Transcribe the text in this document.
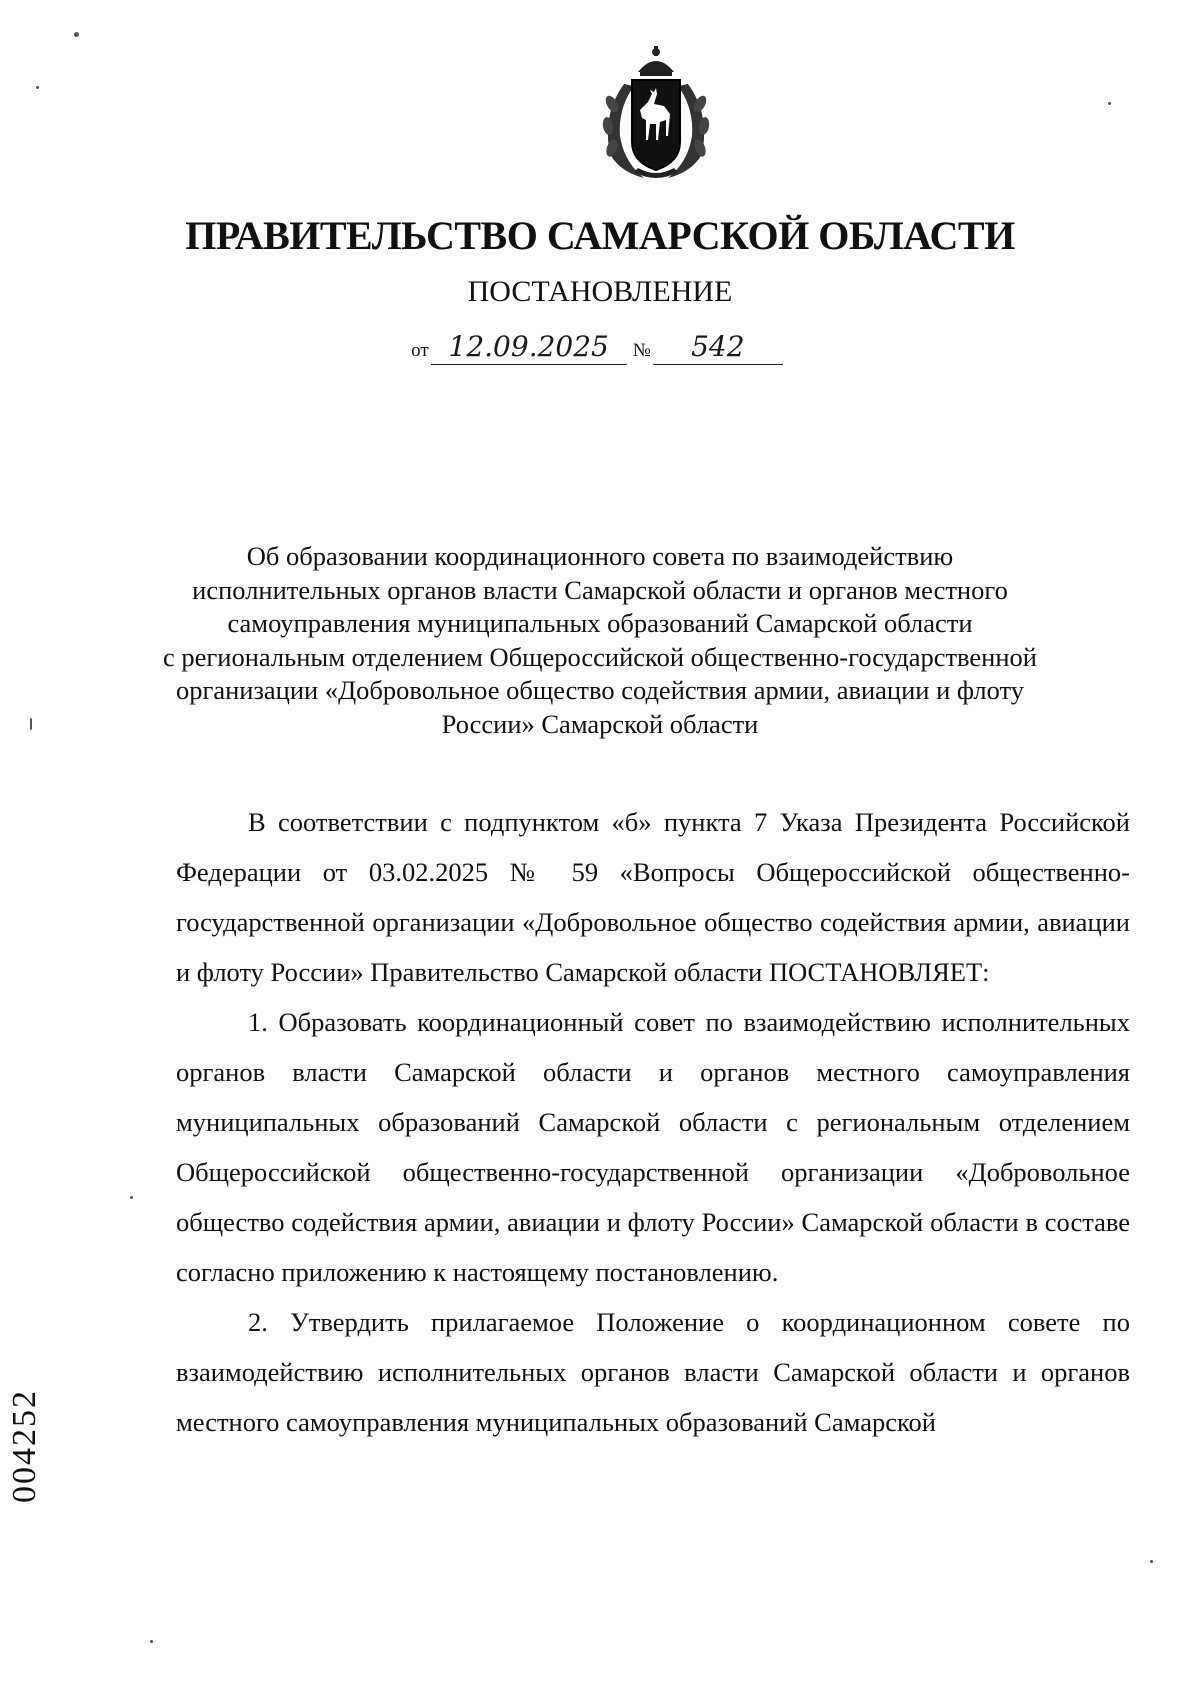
ПРАВИТЕЛЬСТВО САМАРСКОЙ ОБЛАСТИ
ПОСТАНОВЛЕНИЕ
от 12.09.2025	№	542
Об образовании координационного совета по взаимодействию
исполнительных органов власти Самарской области и органов местного
самоуправления муниципальных образований Самарской области
с региональным отделением Общероссийской общественно-государственной
организации «Добровольное общество содействия армии, авиации и флоту
России» Самарской области

В соответствии с подпунктом «б» пункта 7 Указа Президента Российской Федерации от 03.02.2025 № 59 «Вопросы Общероссийской общественно-государственной организации «Добровольное общество содействия армии, авиации и флоту России» Правительство Самарской области ПОСТАНОВЛЯЕТ:

1. Образовать координационный совет по взаимодействию исполнительных органов власти Самарской области и органов местного самоуправления муниципальных образований Самарской области с региональным отделением Общероссийской общественно-государственной организации «Добровольное общество содействия армии, авиации и флоту России» Самарской области в составе согласно приложению к настоящему постановлению.

2. Утвердить прилагаемое Положение о координационном совете по взаимодействию исполнительных органов власти Самарской области и органов местного самоуправления муниципальных образований Самарской

004252
